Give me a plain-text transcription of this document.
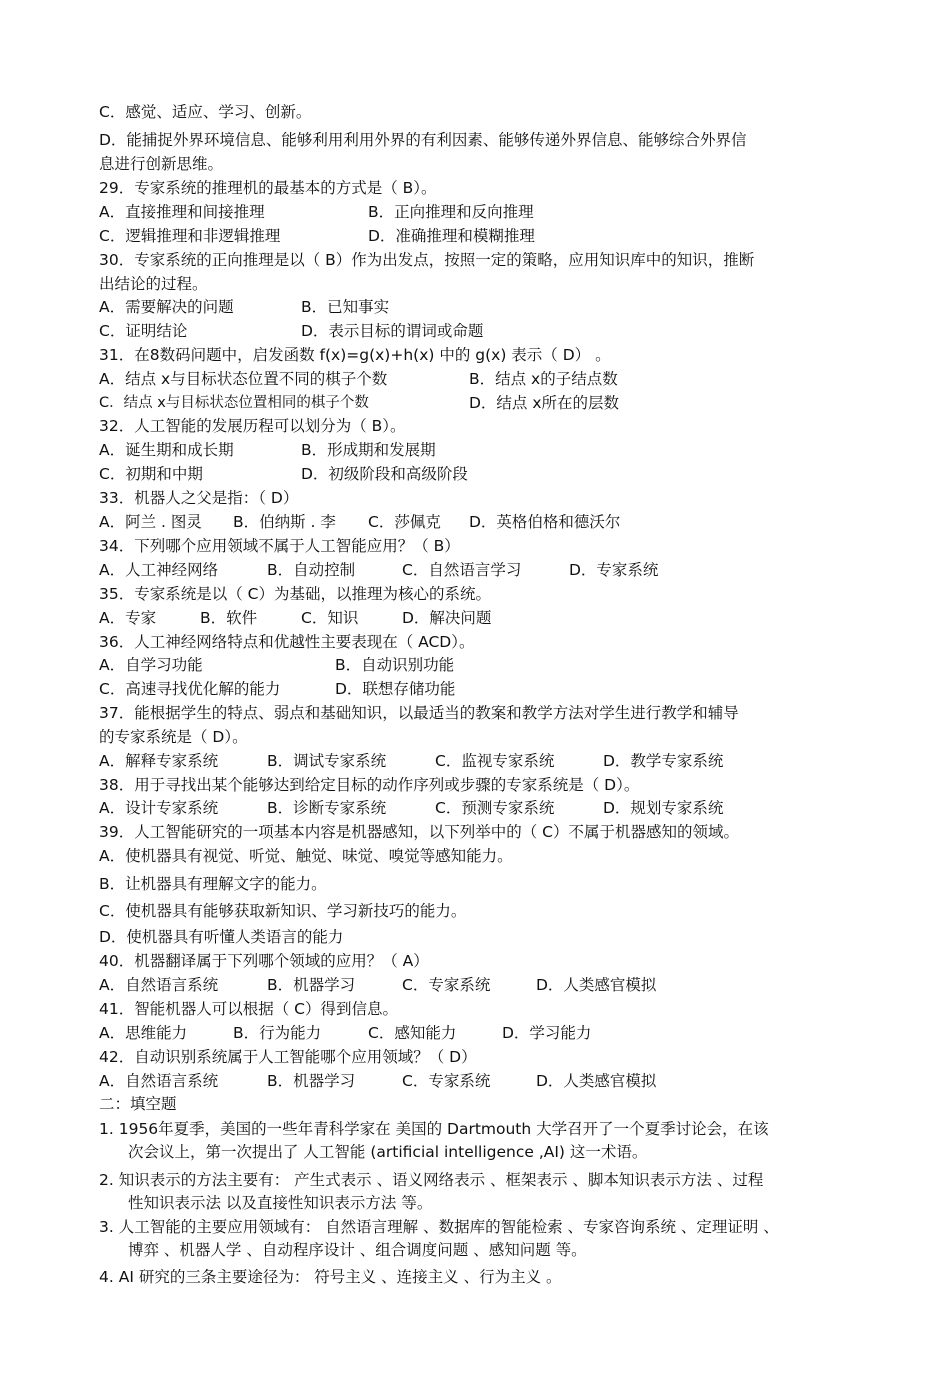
C．感觉、适应、学习、创新。
D．能捕捉外界环境信息、能够利用利用外界的有利因素、能够传递外界信息、能够综合外界信
息进行创新思维。
29．专家系统的推理机的最基本的方式是（ B）。
A．直接推理和间接推理	B．正向推理和反向推理
C．逻辑推理和非逻辑推理	D．准确推理和模糊推理
30．专家系统的正向推理是以（ B）作为出发点，按照一定的策略，应用知识库中的知识，推断
出结论的过程。
A．需要解决的问题	B．已知事实
C．证明结论	D．表示目标的谓词或命题
31．在8数码问题中，启发函数 f(x)=g(x)+h(x) 中的 g(x) 表示（ D） 。
A．结点 x与目标状态位置不同的棋子个数	B．结点 x的子结点数
C．结点 x与目标状态位置相同的棋子个数	D．结点 x所在的层数
32．人工智能的发展历程可以划分为（ B）。
A．诞生期和成长期	B．形成期和发展期
C．初期和中期	D．初级阶段和高级阶段
33．机器人之父是指：（ D）
A．阿兰 . 图灵 B．伯纳斯 . 李 C．莎佩克 D．英格伯格和德沃尔
34．下列哪个应用领域不属于人工智能应用？（ B）
A．人工神经网络	B．自动控制	C．自然语言学习	D．专家系统
35．专家系统是以（ C）为基础，以推理为核心的系统。
A．专家	B．软件	C．知识	D．解决问题
36．人工神经网络特点和优越性主要表现在（ ACD）。
A．自学习功能	B．自动识别功能
C．高速寻找优化解的能力	D．联想存储功能
37．能根据学生的特点、弱点和基础知识，以最适当的教案和教学方法对学生进行教学和辅导
的专家系统是（ D）。
A．解释专家系统	B．调试专家系统	C．监视专家系统	D．教学专家系统
38．用于寻找出某个能够达到给定目标的动作序列或步骤的专家系统是（ D）。
A．设计专家系统	B．诊断专家系统	C．预测专家系统	D．规划专家系统
39．人工智能研究的一项基本内容是机器感知，以下列举中的（ C）不属于机器感知的领域。
A．使机器具有视觉、听觉、触觉、味觉、嗅觉等感知能力。
B．让机器具有理解文字的能力。
C．使机器具有能够获取新知识、学习新技巧的能力。
D．使机器具有听懂人类语言的能力
40．机器翻译属于下列哪个领域的应用？（ A）
A．自然语言系统	B．机器学习	C．专家系统	D．人类感官模拟
41．智能机器人可以根据（ C）得到信息。
A．思维能力	B．行为能力	C．感知能力	D．学习能力
42．自动识别系统属于人工智能哪个应用领域？（ D）
A．自然语言系统	B．机器学习	C．专家系统	D．人类感官模拟
二：填空题
1. 1956年夏季，美国的一些年青科学家在 美国的 Dartmouth 大学召开了一个夏季讨论会，在该
次会议上，第一次提出了 人工智能 (artificial intelligence ,AI) 这一术语。
2. 知识表示的方法主要有： 产生式表示 、语义网络表示 、框架表示 、脚本知识表示方法 、过程
性知识表示法 以及直接性知识表示方法 等。
3. 人工智能的主要应用领域有： 自然语言理解 、数据库的智能检索 、专家咨询系统 、定理证明 、
博弈 、机器人学 、自动程序设计 、组合调度问题 、感知问题 等。
4. AI 研究的三条主要途径为： 符号主义 、连接主义 、行为主义 。
